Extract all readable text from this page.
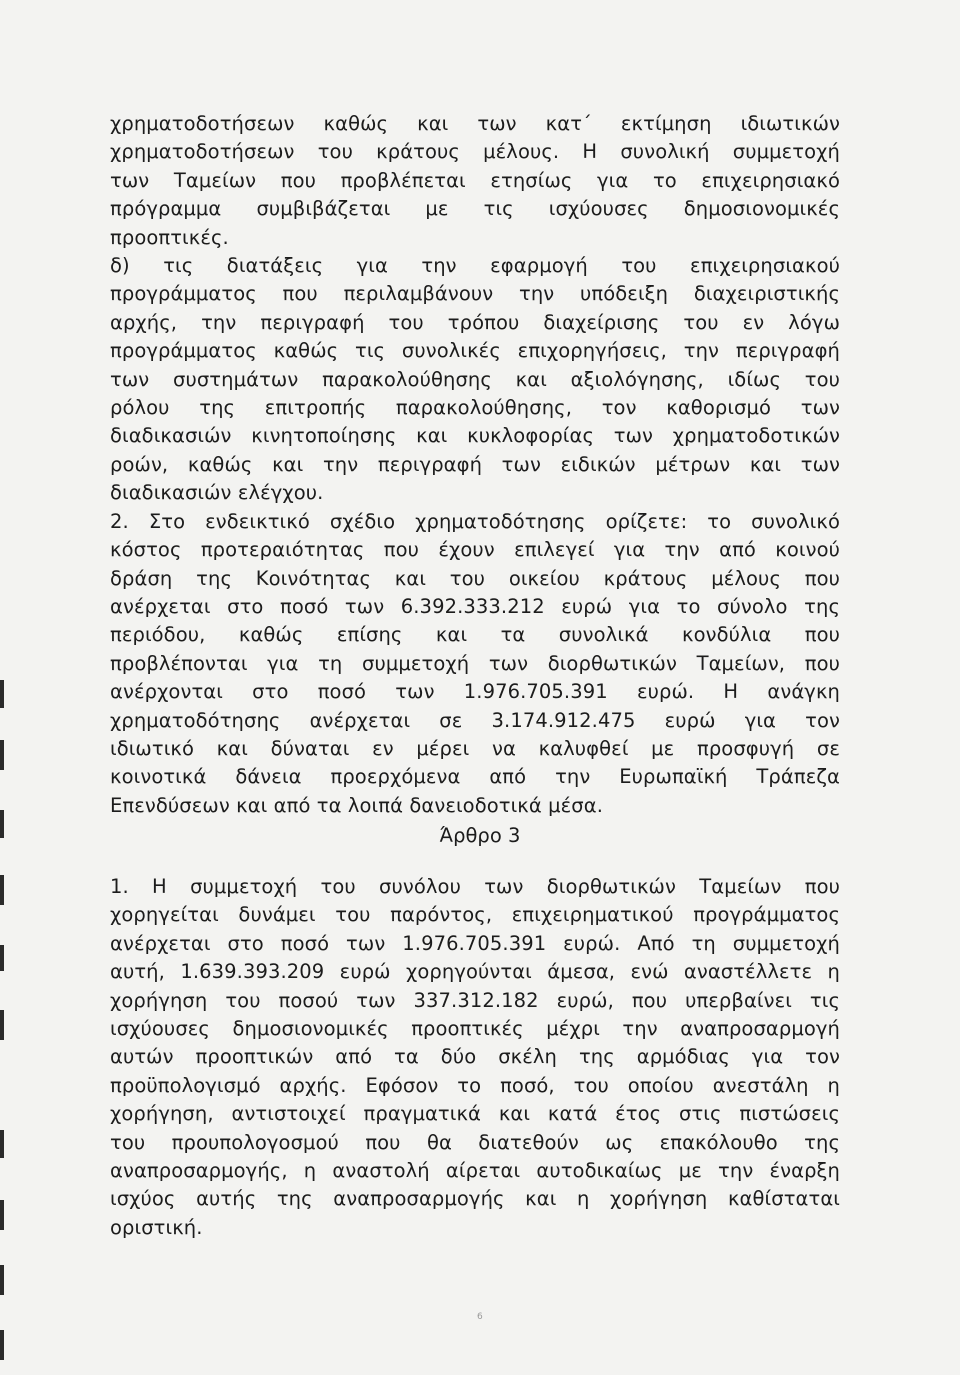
χρηματοδοτήσεων καθώς και των κατ΄ εκτίμηση ιδιωτικών
χρηματοδοτήσεων του κράτους μέλους. Η συνολική συμμετοχή
των Ταμείων που προβλέπεται ετησίως για το επιχειρησιακό
πρόγραμμα συμβιβάζεται με τις ισχύουσες δημοσιονομικές
προοπτικές.
δ) τις διατάξεις για την εφαρμογή του επιχειρησιακού
προγράμματος που περιλαμβάνουν την υπόδειξη διαχειριστικής
αρχής, την περιγραφή του τρόπου διαχείρισης του εν λόγω
προγράμματος καθώς τις συνολικές επιχορηγήσεις, την περιγραφή
των συστημάτων παρακολούθησης και αξιολόγησης, ιδίως του
ρόλου της επιτροπής παρακολούθησης, τον καθορισμό των
διαδικασιών κινητοποίησης και κυκλοφορίας των χρηματοδοτικών
ροών, καθώς και την περιγραφή των ειδικών μέτρων και των
διαδικασιών ελέγχου.
2. Στο ενδεικτικό σχέδιο χρηματοδότησης ορίζετε: το συνολικό
κόστος προτεραιότητας που έχουν επιλεγεί για την από κοινού
δράση της Κοινότητας και του οικείου κράτους μέλους που
ανέρχεται στο ποσό των 6.392.333.212 ευρώ για το σύνολο της
περιόδου, καθώς επίσης και τα συνολικά κονδύλια που
προβλέπονται για τη συμμετοχή των διορθωτικών Ταμείων, που
ανέρχονται στο ποσό των 1.976.705.391 ευρώ. Η ανάγκη
χρηματοδότησης ανέρχεται σε 3.174.912.475 ευρώ για τον
ιδιωτικό και δύναται εν μέρει να καλυφθεί με προσφυγή σε
κοινοτικά δάνεια προερχόμενα από την Ευρωπαϊκή Τράπεζα
Επενδύσεων και από τα λοιπά δανειοδοτικά μέσα.
Άρθρο 3
1. Η συμμετοχή του συνόλου των διορθωτικών Ταμείων που
χορηγείται δυνάμει του παρόντος, επιχειρηματικού προγράμματος
ανέρχεται στο ποσό των 1.976.705.391 ευρώ. Από τη συμμετοχή
αυτή, 1.639.393.209 ευρώ χορηγούνται άμεσα, ενώ αναστέλλετε η
χορήγηση του ποσού των 337.312.182 ευρώ, που υπερβαίνει τις
ισχύουσες δημοσιονομικές προοπτικές μέχρι την αναπροσαρμογή
αυτών προοπτικών από τα δύο σκέλη της αρμόδιας για τον
προϋπολογισμό αρχής. Εφόσον το ποσό, του οποίου ανεστάλη η
χορήγηση, αντιστοιχεί πραγματικά και κατά έτος στις πιστώσεις
του προυπολογοσμού που θα διατεθούν ως επακόλουθο της
αναπροσαρμογής, η αναστολή αίρεται αυτοδικαίως με την έναρξη
ισχύος αυτής της αναπροσαρμογής και η χορήγηση καθίσταται
οριστική.
6
